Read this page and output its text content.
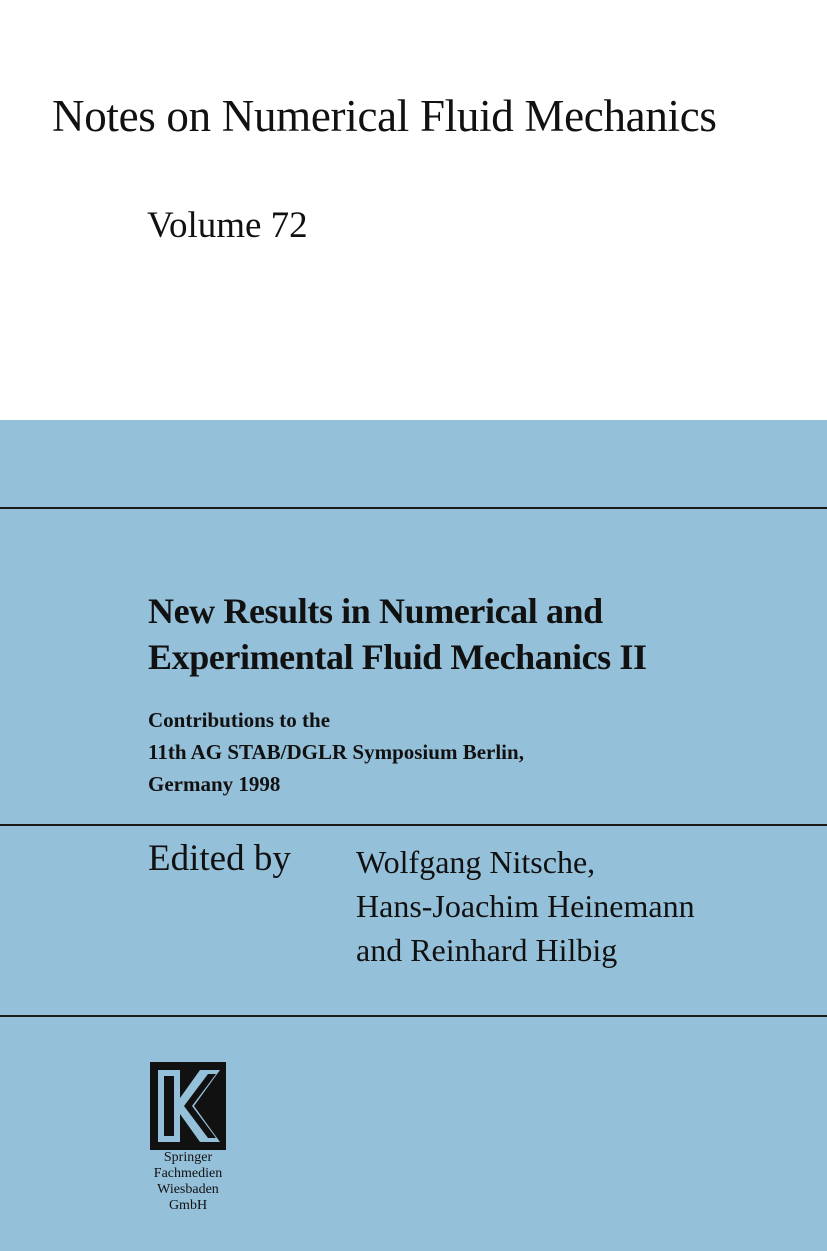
Notes on Numerical Fluid Mechanics
Volume 72
New Results in Numerical and
Experimental Fluid Mechanics II
Contributions to the
11th AG STAB/DGLR Symposium Berlin,
Germany 1998
Edited by Wolfgang Nitsche,
Hans-Joachim Heinemann
and Reinhard Hilbig
Springer
Fachmedien
Wiesbaden
GmbH
